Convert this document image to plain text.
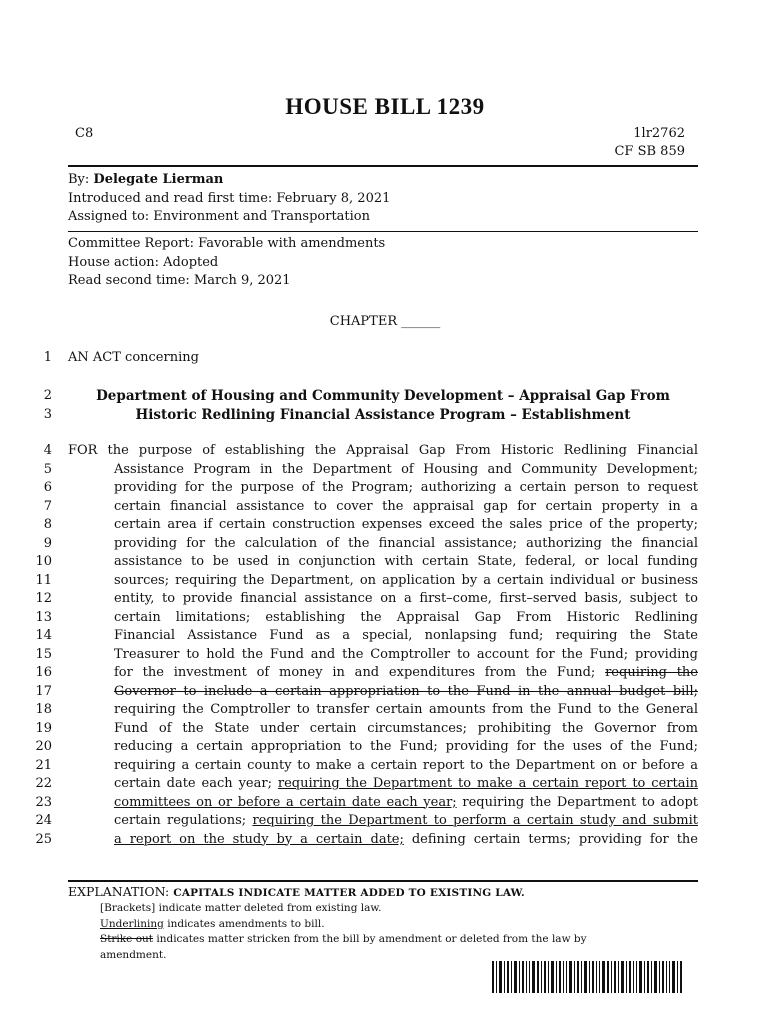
HOUSE BILL 1239
C8	1lr2762
CF SB 859
By: Delegate Lierman
Introduced and read first time: February 8, 2021
Assigned to: Environment and Transportation
Committee Report: Favorable with amendments
House action: Adopted
Read second time: March 9, 2021
CHAPTER ______
1
2
3
4
5
6
7
8
9
10
11
12
13
14
15
16
17
18
19
20
21
22
23
24
25
AN ACT concerning
Department of Housing and Community Development – Appraisal Gap From
Historic Redlining Financial Assistance Program – Establishment
FOR the purpose of establishing the Appraisal Gap From Historic Redlining Financial
Assistance Program in the Department of Housing and Community Development;
providing for the purpose of the Program; authorizing a certain person to request
certain financial assistance to cover the appraisal gap for certain property in a
certain area if certain construction expenses exceed the sales price of the property;
providing for the calculation of the financial assistance; authorizing the financial
assistance to be used in conjunction with certain State, federal, or local funding
sources; requiring the Department, on application by a certain individual or business
entity, to provide financial assistance on a first–come, first–served basis, subject to
certain limitations; establishing the Appraisal Gap From Historic Redlining
Financial Assistance Fund as a special, nonlapsing fund; requiring the State
Treasurer to hold the Fund and the Comptroller to account for the Fund; providing
for the investment of money in and expenditures from the Fund; requiring the
Governor to include a certain appropriation to the Fund in the annual budget bill;
requiring the Comptroller to transfer certain amounts from the Fund to the General
Fund of the State under certain circumstances; prohibiting the Governor from
reducing a certain appropriation to the Fund; providing for the uses of the Fund;
requiring a certain county to make a certain report to the Department on or before a
certain date each year; requiring the Department to make a certain report to certain
committees on or before a certain date each year; requiring the Department to adopt
certain regulations; requiring the Department to perform a certain study and submit
a report on the study by a certain date; defining certain terms; providing for the
EXPLANATION: CAPITALS INDICATE MATTER ADDED TO EXISTING LAW.
[Brackets] indicate matter deleted from existing law.
Underlining indicates amendments to bill.
Strike out indicates matter stricken from the bill by amendment or deleted from the law by
amendment.
